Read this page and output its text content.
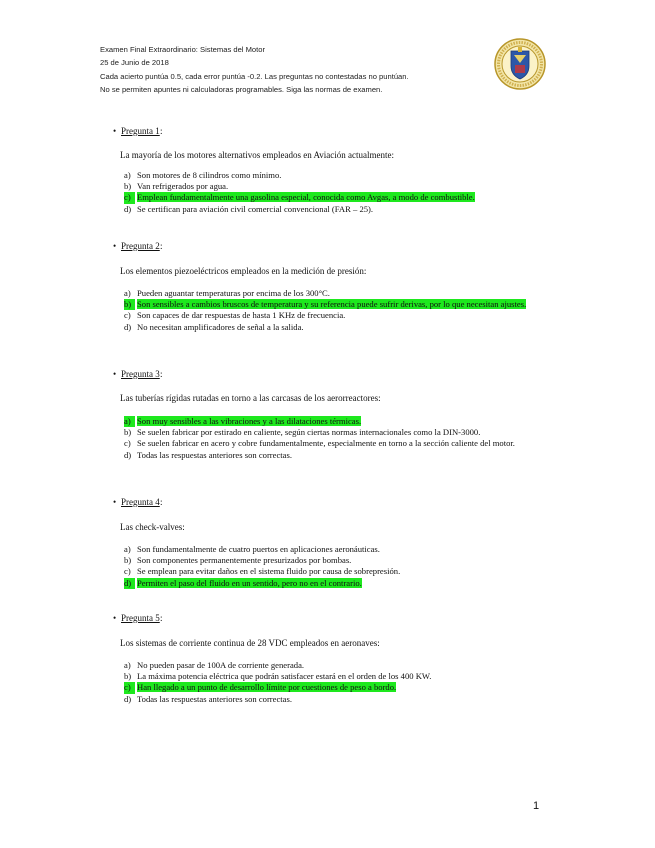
Examen Final Extraordinario: Sistemas del Motor
25 de Junio de 2018
Cada acierto puntúa 0.5, cada error puntúa -0.2. Las preguntas no contestadas no puntúan.
No se permiten apuntes ni calculadoras programables. Siga las normas de examen.
• Pregunta 1 :
La mayoría de los motores alternativos empleados en Aviación actualmente:
a) Son motores de 8 cilindros como mínimo.
b) Van refrigerados por agua.
c) Emplean fundamentalmente una gasolina especial, conocida como Avgas, a modo de combustible.
d) Se certifican para aviación civil comercial convencional (FAR – 25).
• Pregunta 2 :
Los elementos piezoeléctricos empleados en la medición de presión:
a) Pueden aguantar temperaturas por encima de los 300°C.
b) Son sensibles a cambios bruscos de temperatura y su referencia puede sufrir derivas, por lo que necesitan ajustes.
c) Son capaces de dar respuestas de hasta 1 KHz de frecuencia.
d) No necesitan amplificadores de señal a la salida.
• Pregunta 3 :
Las tuberías rígidas rutadas en torno a las carcasas de los aerorreactores:
a) Son muy sensibles a las vibraciones y a las dilataciones térmicas.
b) Se suelen fabricar por estirado en caliente, según ciertas normas internacionales como la DIN-3000.
c) Se suelen fabricar en acero y cobre fundamentalmente, especialmente en torno a la sección caliente del motor.
d) Todas las respuestas anteriores son correctas.
• Pregunta 4 :
Las check-valves:
a) Son fundamentalmente de cuatro puertos en aplicaciones aeronáuticas.
b) Son componentes permanentemente presurizados por bombas.
c) Se emplean para evitar daños en el sistema fluido por causa de sobrepresión.
d) Permiten el paso del fluido en un sentido, pero no en el contrario.
• Pregunta 5 :
Los sistemas de corriente continua de 28 VDC empleados en aeronaves:
a) No pueden pasar de 100A de corriente generada.
b) La máxima potencia eléctrica que podrán satisfacer estará en el orden de los 400 KW.
c) Han llegado a un punto de desarrollo límite por cuestiones de peso a bordo.
d) Todas las respuestas anteriores son correctas.
1
